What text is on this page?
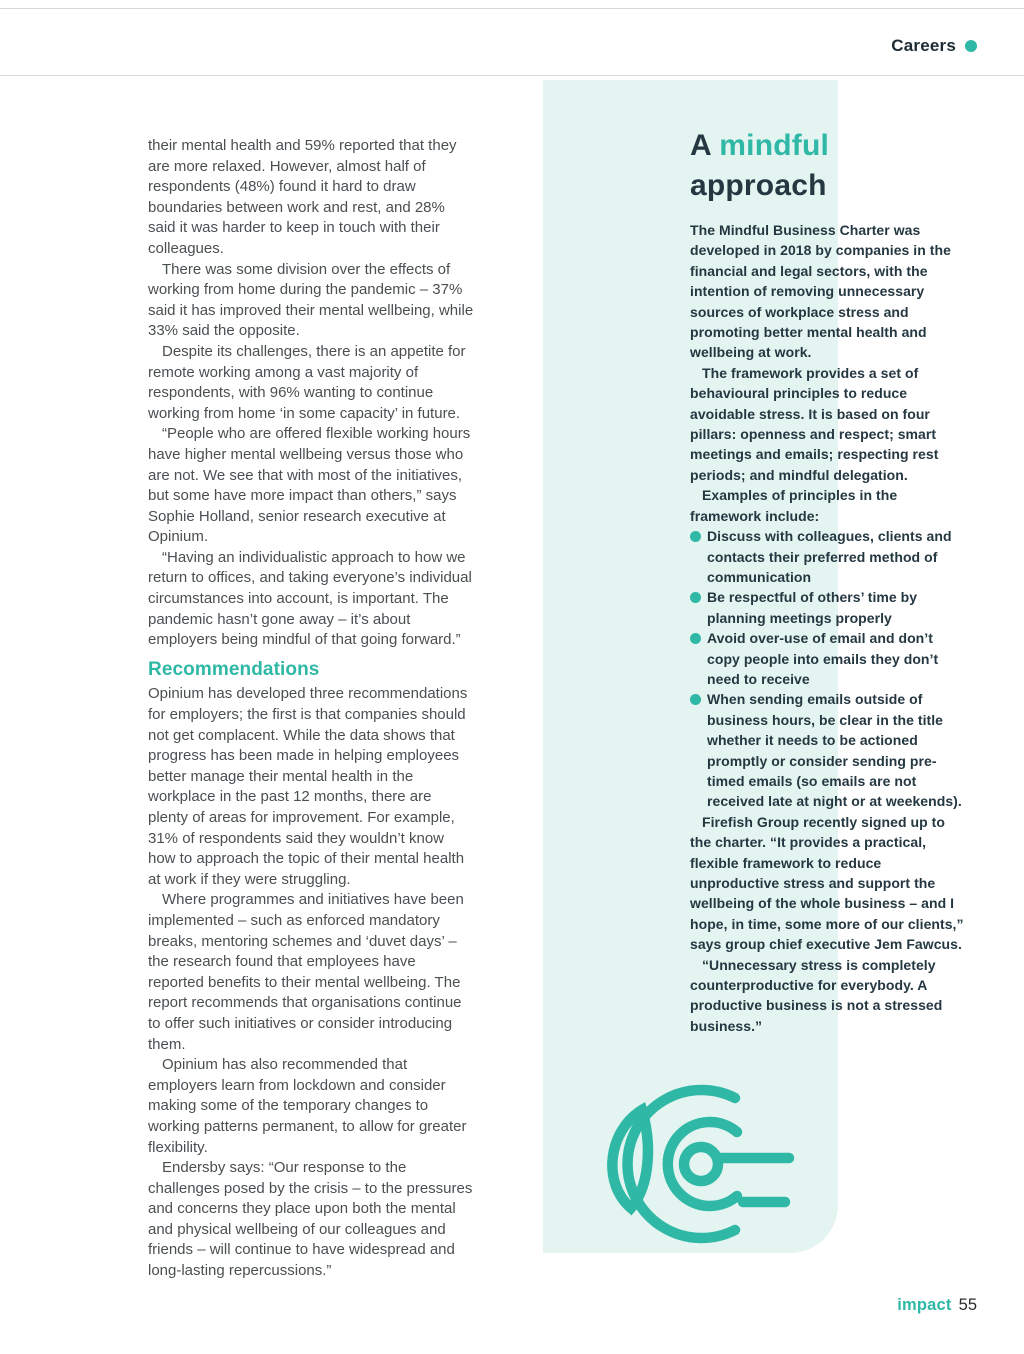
Careers

their mental health and 59% reported that they are more relaxed. However, almost half of respondents (48%) found it hard to draw boundaries between work and rest, and 28% said it was harder to keep in touch with their colleagues.

There was some division over the effects of working from home during the pandemic – 37% said it has improved their mental wellbeing, while 33% said the opposite.

Despite its challenges, there is an appetite for remote working among a vast majority of respondents, with 96% wanting to continue working from home ‘in some capacity’ in future.

“People who are offered flexible working hours have higher mental wellbeing versus those who are not. We see that with most of the initiatives, but some have more impact than others,” says Sophie Holland, senior research executive at Opinium.

“Having an individualistic approach to how we return to offices, and taking everyone’s individual circumstances into account, is important. The pandemic hasn’t gone away – it’s about employers being mindful of that going forward.”

Recommendations

Opinium has developed three recommendations for employers; the first is that companies should not get complacent. While the data shows that progress has been made in helping employees better manage their mental health in the workplace in the past 12 months, there are plenty of areas for improvement. For example, 31% of respondents said they wouldn’t know how to approach the topic of their mental health at work if they were struggling.

Where programmes and initiatives have been implemented – such as enforced mandatory breaks, mentoring schemes and ‘duvet days’ – the research found that employees have reported benefits to their mental wellbeing. The report recommends that organisations continue to offer such initiatives or consider introducing them.

Opinium has also recommended that employers learn from lockdown and consider making some of the temporary changes to working patterns permanent, to allow for greater flexibility.

Endersby says: “Our response to the challenges posed by the crisis – to the pressures and concerns they place upon both the mental and physical wellbeing of our colleagues and friends – will continue to have widespread and long-lasting repercussions.”

A mindful
approach

The Mindful Business Charter was developed in 2018 by companies in the financial and legal sectors, with the intention of removing unnecessary sources of workplace stress and promoting better mental health and wellbeing at work.

The framework provides a set of behavioural principles to reduce avoidable stress. It is based on four pillars: openness and respect; smart meetings and emails; respecting rest periods; and mindful delegation.

Examples of principles in the framework include:

Discuss with colleagues, clients and contacts their preferred method of communication
Be respectful of others’ time by planning meetings properly
Avoid over-use of email and don’t copy people into emails they don’t need to receive
When sending emails outside of business hours, be clear in the title whether it needs to be actioned promptly or consider sending pre-timed emails (so emails are not received late at night or at weekends).

Firefish Group recently signed up to the charter. “It provides a practical, flexible framework to reduce unproductive stress and support the wellbeing of the whole business – and I hope, in time, some more of our clients,” says group chief executive Jem Fawcus.

“Unnecessary stress is completely counterproductive for everybody. A productive business is not a stressed business.”

impact 55
